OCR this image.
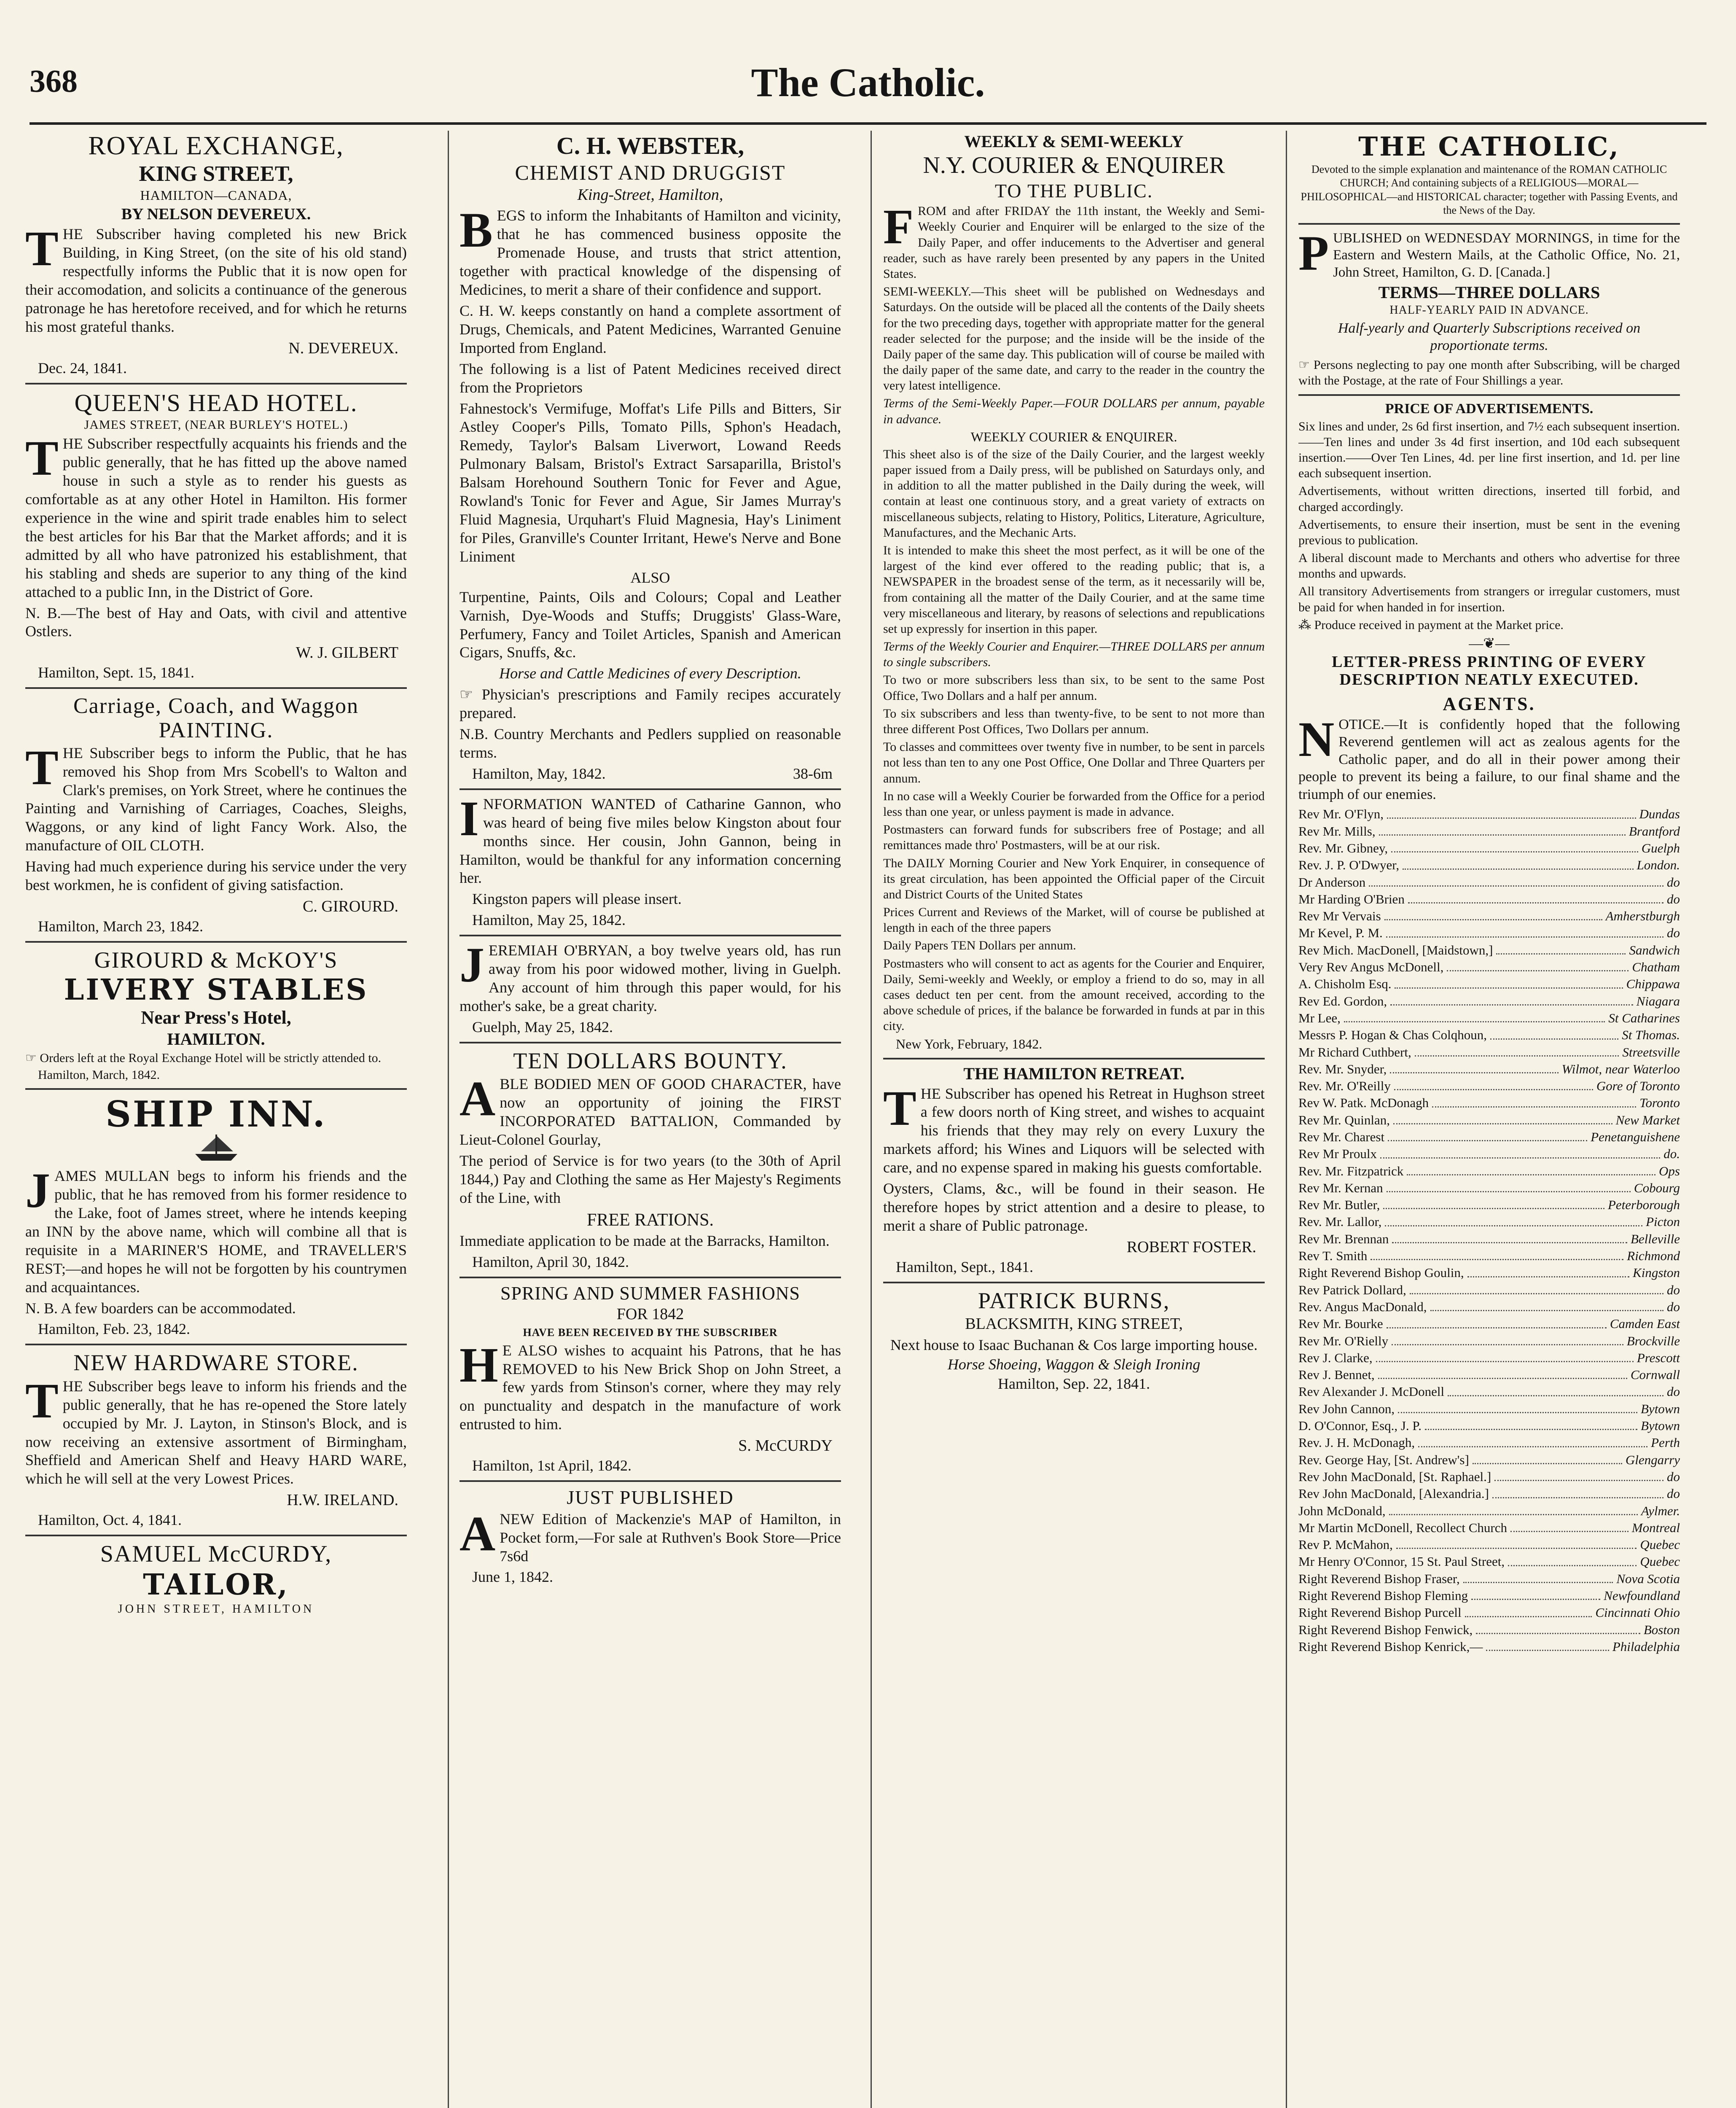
368	The Catholic.
ROYAL EXCHANGE,
KING STREET,
HAMILTON—CANADA,
BY NELSON DEVEREUX.

THE Subscriber having completed his new Brick Building, in King Street, (on the site of his old stand) respectfully informs the Public that it is now open for their accomodation, and solicits a continuance of the generous patronage he has heretofore received, and for which he returns his most grateful thanks.

N. DEVEREUX.
Dec. 24, 1841.
QUEEN'S HEAD HOTEL.
JAMES STREET, (NEAR BURLEY'S HOTEL.)

THE Subscriber respectfully acquaints his friends and the public generally, that he has fitted up the above named house in such a style as to render his guests as comfortable as at any other Hotel in Hamilton. His former experience in the wine and spirit trade enables him to select the best articles for his Bar that the Market affords; and it is admitted by all who have patronized his establishment, that his stabling and sheds are superior to any thing of the kind attached to a public Inn, in the District of Gore.

N. B.—The best of Hay and Oats, with civil and attentive Ostlers.

W. J. GILBERT
Hamilton, Sept. 15, 1841.
Carriage, Coach, and Waggon PAINTING.

THE Subscriber begs to inform the Public, that he has removed his Shop from Mrs Scobell's to Walton and Clark's premises, on York Street, where he continues the Painting and Varnishing of Carriages, Coaches, Sleighs, Waggons, or any kind of light Fancy Work. Also, the manufacture of OIL CLOTH.

Having had much experience during his service under the very best workmen, he is confident of giving satisfaction.

C. GIROURD.
Hamilton, March 23, 1842.
GIROURD & McKOY'S
LIVERY STABLES
Near Press's Hotel,
HAMILTON.

☞ Orders left at the Royal Exchange Hotel will be strictly attended to.

Hamilton, March, 1842.
SHIP INN.

JAMES MULLAN begs to inform his friends and the public, that he has removed from his former residence to the Lake, foot of James street, where he intends keeping an INN by the above name, which will combine all that is requisite in a MARINER'S HOME, and TRAVELLER'S REST;—and hopes he will not be forgotten by his countrymen and acquaintances.

N. B. A few boarders can be accommodated.

Hamilton, Feb. 23, 1842.
NEW HARDWARE STORE.

THE Subscriber begs leave to inform his friends and the public generally, that he has re-opened the Store lately occupied by Mr. J. Layton, in Stinson's Block, and is now receiving an extensive assortment of Birmingham, Sheffield and American Shelf and Heavy HARD WARE, which he will sell at the very Lowest Prices.

H.W. IRELAND.
Hamilton, Oct. 4, 1841.
SAMUEL McCURDY,
TAILOR,
JOHN STREET, HAMILTON
C. H. WEBSTER,
CHEMIST AND DRUGGIST
King-Street, Hamilton,

BEGS to inform the Inhabitants of Hamilton and vicinity, that he has commenced business opposite the Promenade House, and trusts that strict attention, together with practical knowledge of the dispensing of Medicines, to merit a share of their confidence and support.

C. H. W. keeps constantly on hand a complete assortment of Drugs, Chemicals, and Patent Medicines, Warranted Genuine Imported from England.

The following is a list of Patent Medicines received direct from the Proprietors

Fahnestock's Vermifuge, Moffat's Life Pills and Bitters, Sir Astley Cooper's Pills, Tomato Pills, Sphon's Headach, Remedy, Taylor's Balsam Liverwort, Lowand Reeds Pulmonary Balsam, Bristol's Extract Sarsaparilla, Bristol's Balsam Horehound Southern Tonic for Fever and Ague, Rowland's Tonic for Fever and Ague, Sir James Murray's Fluid Magnesia, Urquhart's Fluid Magnesia, Hay's Liniment for Piles, Granville's Counter Irritant, Hewe's Nerve and Bone Liniment

ALSO

Turpentine, Paints, Oils and Colours; Copal and Leather Varnish, Dye-Woods and Stuffs; Druggists' Glass-Ware, Perfumery, Fancy and Toilet Articles, Spanish and American Cigars, Snuffs, &c.

Horse and Cattle Medicines of every Description.

☞ Physician's prescriptions and Family recipes accurately prepared.

N.B. Country Merchants and Pedlers supplied on reasonable terms.

Hamilton, May, 1842.	38-6m

INFORMATION WANTED of Catharine Gannon, who was heard of being five miles below Kingston about four months since. Her cousin, John Gannon, being in Hamilton, would be thankful for any information concerning her.

Kingston papers will please insert.

Hamilton, May 25, 1842.

JEREMIAH O'BRYAN, a boy twelve years old, has run away from his poor widowed mother, living in Guelph. Any account of him through this paper would, for his mother's sake, be a great charity.

Guelph, May 25, 1842.
TEN DOLLARS BOUNTY.

ABLE BODIED MEN OF GOOD CHARACTER, have now an opportunity of joining the FIRST INCORPORATED BATTALION, Commanded by Lieut-Colonel Gourlay,

The period of Service is for two years (to the 30th of April 1844,) Pay and Clothing the same as Her Majesty's Regiments of the Line, with

FREE RATIONS.

Immediate application to be made at the Barracks, Hamilton.

Hamilton, April 30, 1842.
SPRING AND SUMMER FASHIONS
FOR 1842
HAVE BEEN RECEIVED BY THE SUBSCRIBER

HE ALSO wishes to acquaint his Patrons, that he has REMOVED to his New Brick Shop on John Street, a few yards from Stinson's corner, where they may rely on punctuality and despatch in the manufacture of work entrusted to him.

S. McCURDY
Hamilton, 1st April, 1842.
JUST PUBLISHED

ANEW Edition of Mackenzie's MAP of Hamilton, in Pocket form,—For sale at Ruthven's Book Store—Price 7s6d

June 1, 1842.
WEEKLY & SEMI-WEEKLY
N.Y. COURIER & ENQUIRER
TO THE PUBLIC.

FROM and after FRIDAY the 11th instant, the Weekly and Semi-Weekly Courier and Enquirer will be enlarged to the size of the Daily Paper, and offer inducements to the Advertiser and general reader, such as have rarely been presented by any papers in the United States.

SEMI-WEEKLY.—This sheet will be published on Wednesdays and Saturdays. On the outside will be placed all the contents of the Daily sheets for the two preceding days, together with appropriate matter for the general reader selected for the purpose; and the inside will be the inside of the Daily paper of the same day. This publication will of course be mailed with the daily paper of the same date, and carry to the reader in the country the very latest intelligence.

Terms of the Semi-Weekly Paper.—FOUR DOLLARS per annum, payable in advance.

WEEKLY COURIER & ENQUIRER.

This sheet also is of the size of the Daily Courier, and the largest weekly paper issued from a Daily press, will be published on Saturdays only, and in addition to all the matter published in the Daily during the week, will contain at least one continuous story, and a great variety of extracts on miscellaneous subjects, relating to History, Politics, Literature, Agriculture, Manufactures, and the Mechanic Arts.

It is intended to make this sheet the most perfect, as it will be one of the largest of the kind ever offered to the reading public; that is, a NEWSPAPER in the broadest sense of the term, as it necessarily will be, from containing all the matter of the Daily Courier, and at the same time very miscellaneous and literary, by reasons of selections and republications set up expressly for insertion in this paper.

Terms of the Weekly Courier and Enquirer.—THREE DOLLARS per annum to single subscribers.

To two or more subscribers less than six, to be sent to the same Post Office, Two Dollars and a half per annum.

To six subscribers and less than twenty-five, to be sent to not more than three different Post Offices, Two Dollars per annum.

To classes and committees over twenty five in number, to be sent in parcels not less than ten to any one Post Office, One Dollar and Three Quarters per annum.

In no case will a Weekly Courier be forwarded from the Office for a period less than one year, or unless payment is made in advance.

Postmasters can forward funds for subscribers free of Postage; and all remittances made thro' Postmasters, will be at our risk.

The DAILY Morning Courier and New York Enquirer, in consequence of its great circulation, has been appointed the Official paper of the Circuit and District Courts of the United States

Prices Current and Reviews of the Market, will of course be published at length in each of the three papers

Daily Papers TEN Dollars per annum.

Postmasters who will consent to act as agents for the Courier and Enquirer, Daily, Semi-weekly and Weekly, or employ a friend to do so, may in all cases deduct ten per cent. from the amount received, according to the above schedule of prices, if the balance be forwarded in funds at par in this city.

New York, February, 1842.
THE HAMILTON RETREAT.

THE Subscriber has opened his Retreat in Hughson street a few doors north of King street, and wishes to acquaint his friends that they may rely on every Luxury the markets afford; his Wines and Liquors will be selected with care, and no expense spared in making his guests comfortable.

Oysters, Clams, &c., will be found in their season. He therefore hopes by strict attention and a desire to please, to merit a share of Public patronage.

ROBERT FOSTER.
Hamilton, Sept., 1841.
PATRICK BURNS,
BLACKSMITH, KING STREET,
Next house to Isaac Buchanan & Cos large importing house.
Horse Shoeing, Waggon & Sleigh Ironing
Hamilton, Sep. 22, 1841.
THE CATHOLIC,

Devoted to the simple explanation and maintenance of the ROMAN CATHOLIC CHURCH; And containing subjects of a RELIGIOUS—MORAL—PHILOSOPHICAL—and HISTORICAL character; together with Passing Events, and the News of the Day.

PUBLISHED on WEDNESDAY MORNINGS, in time for the Eastern and Western Mails, at the Catholic Office, No. 21, John Street, Hamilton, G. D. [Canada.]

TERMS—THREE DOLLARS
HALF-YEARLY PAID IN ADVANCE.

Half-yearly and Quarterly Subscriptions received on proportionate terms.

☞ Persons neglecting to pay one month after Subscribing, will be charged with the Postage, at the rate of Four Shillings a year.

PRICE OF ADVERTISEMENTS.

Six lines and under, 2s 6d first insertion, and 7½ each subsequent insertion.——Ten lines and under 3s 4d first insertion, and 10d each subsequent insertion.——Over Ten Lines, 4d. per line first insertion, and 1d. per line each subsequent insertion.

Advertisements, without written directions, inserted till forbid, and charged accordingly.

Advertisements, to ensure their insertion, must be sent in the evening previous to publication.

A liberal discount made to Merchants and others who advertise for three months and upwards.

All transitory Advertisements from strangers or irregular customers, must be paid for when handed in for insertion.

⁂ Produce received in payment at the Market price.

—❦—
LETTER-PRESS PRINTING OF EVERY DESCRIPTION NEATLY EXECUTED.
AGENTS.

NOTICE.—It is confidently hoped that the following Reverend gentlemen will act as zealous agents for the Catholic paper, and do all in their power among their people to prevent its being a failure, to our final shame and the triumph of our enemies.

Rev Mr. O'Flyn,	Dundas
Rev Mr. Mills,	Brantford
Rev. Mr. Gibney,	Guelph
Rev. J. P. O'Dwyer,	London.
Dr Anderson	do
Mr Harding O'Brien	do
Rev Mr Vervais	Amherstburgh
Mr Kevel, P. M.	do
Rev Mich. MacDonell, [Maidstown,]	Sandwich
Very Rev Angus McDonell,	Chatham
A. Chisholm Esq.	Chippawa
Rev Ed. Gordon,	Niagara
Mr Lee,	St Catharines
Messrs P. Hogan & Chas Colqhoun,	St Thomas.
Mr Richard Cuthbert,	Streetsville
Rev. Mr. Snyder,	Wilmot, near Waterloo
Rev. Mr. O'Reilly	Gore of Toronto
Rev W. Patk. McDonagh	Toronto
Rev Mr. Quinlan,	New Market
Rev Mr. Charest	Penetanguishene
Rev Mr Proulx	do.
Rev. Mr. Fitzpatrick	Ops
Rev Mr. Kernan	Cobourg
Rev Mr. Butler,	Peterborough
Rev. Mr. Lallor,	Picton
Rev Mr. Brennan	Belleville
Rev T. Smith	Richmond
Right Reverend Bishop Goulin,	Kingston
Rev Patrick Dollard,	do
Rev. Angus MacDonald,	do
Rev Mr. Bourke	Camden East
Rev Mr. O'Rielly	Brockville
Rev J. Clarke,	Prescott
Rev J. Bennet,	Cornwall
Rev Alexander J. McDonell	do
Rev John Cannon,	Bytown
D. O'Connor, Esq., J. P.	Bytown
Rev. J. H. McDonagh,	Perth
Rev. George Hay, [St. Andrew's]	Glengarry
Rev John MacDonald, [St. Raphael.]	do
Rev John MacDonald, [Alexandria.]	do
John McDonald,	Aylmer.
Mr Martin McDonell, Recollect Church	Montreal
Rev P. McMahon,	Quebec
Mr Henry O'Connor, 15 St. Paul Street,	Quebec
Right Reverend Bishop Fraser,	Nova Scotia
Right Reverend Bishop Fleming	Newfoundland
Right Reverend Bishop Purcell	Cincinnati Ohio
Right Reverend Bishop Fenwick,	Boston
Right Reverend Bishop Kenrick,—	Philadelphia
